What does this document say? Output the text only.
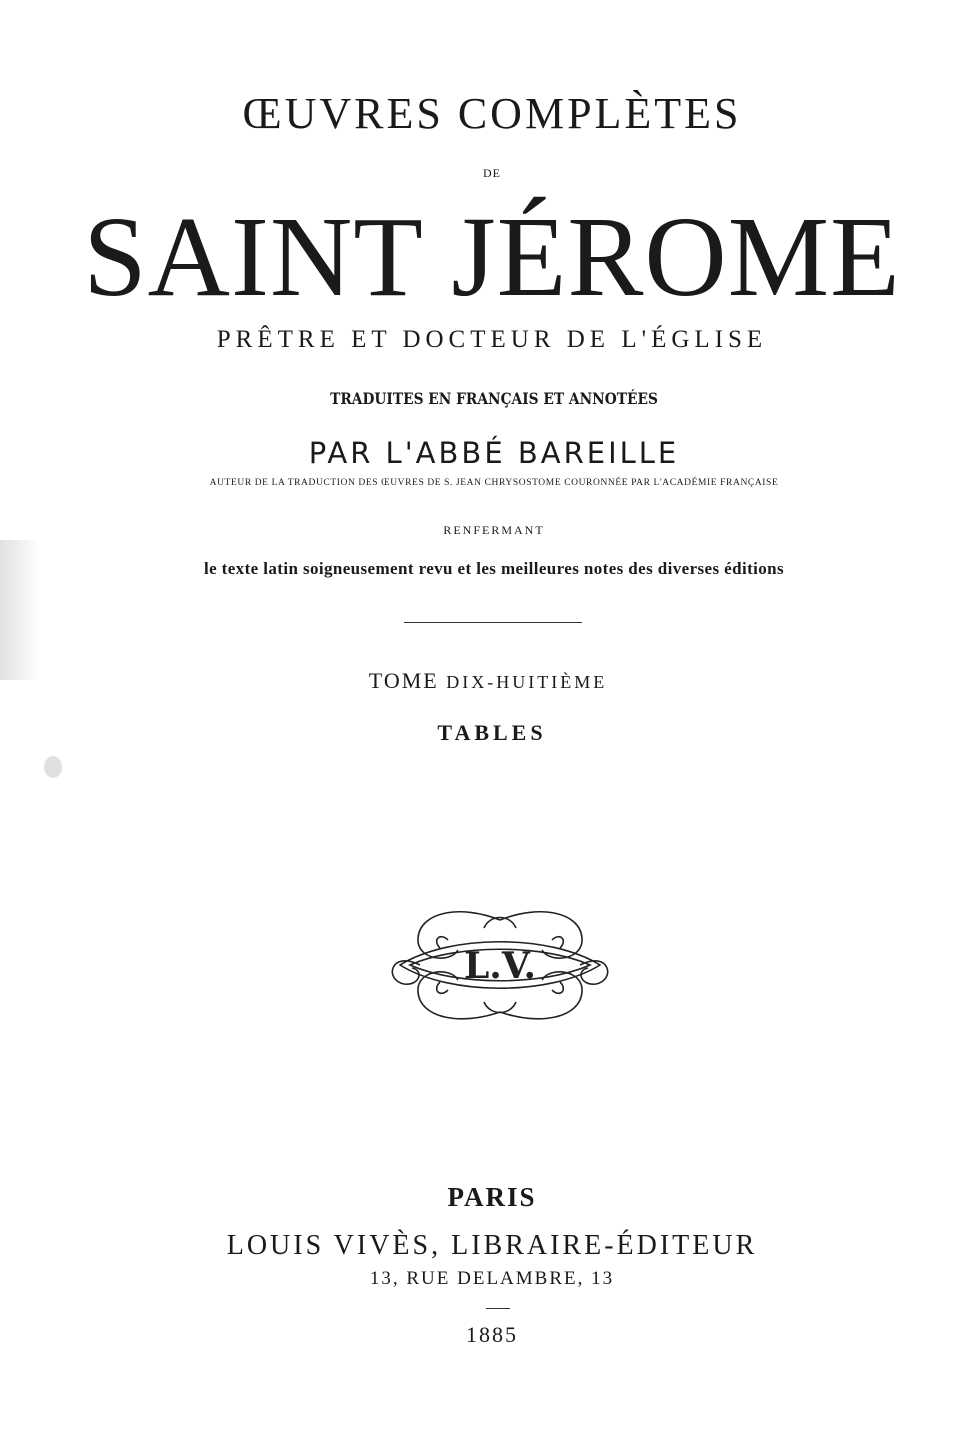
ŒUVRES COMPLÈTES
DE
SAINT JÉROME
PRÊTRE ET DOCTEUR DE L'ÉGLISE
TRADUITES EN FRANÇAIS ET ANNOTÉES
PAR L'ABBÉ BAREILLE
AUTEUR DE LA TRADUCTION DES ŒUVRES DE S. JEAN CHRYSOSTOME COURONNÉE PAR L'ACADÉMIE FRANÇAISE
RENFERMANT
le texte latin soigneusement revu et les meilleures notes des diverses éditions
TOME DIX-HUITIÈME
TABLES
L.V.
PARIS
LOUIS VIVÈS, LIBRAIRE-ÉDITEUR
13, RUE DELAMBRE, 13
1885
